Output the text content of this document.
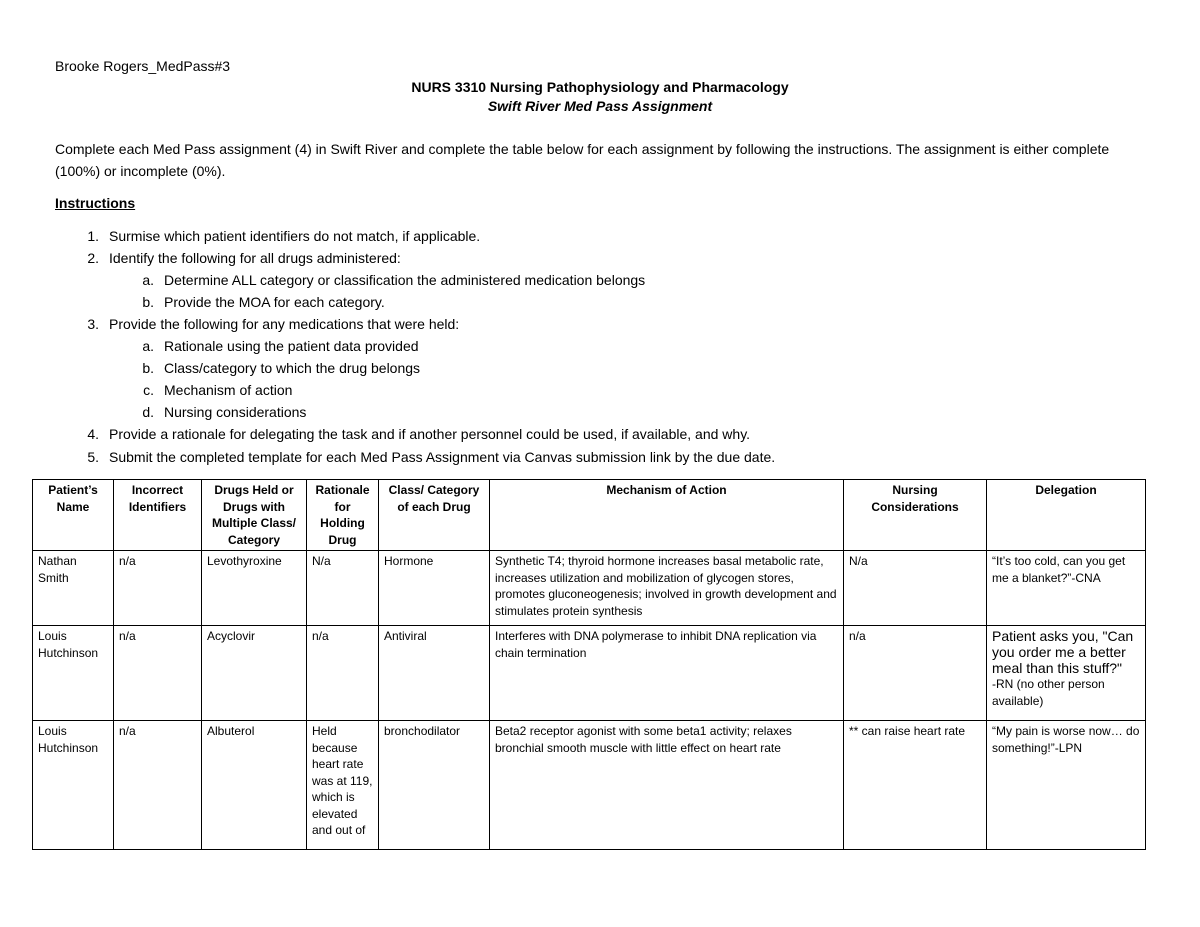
Brooke Rogers_MedPass#3
NURS 3310 Nursing Pathophysiology and Pharmacology
Swift River Med Pass Assignment
Complete each Med Pass assignment (4) in Swift River and complete the table below for each assignment by following the instructions. The assignment is either complete (100%) or incomplete (0%).
Instructions
1. Surmise which patient identifiers do not match, if applicable.
2. Identify the following for all drugs administered:
a. Determine ALL category or classification the administered medication belongs
b. Provide the MOA for each category.
3. Provide the following for any medications that were held:
a. Rationale using the patient data provided
b. Class/category to which the drug belongs
c. Mechanism of action
d. Nursing considerations
4. Provide a rationale for delegating the task and if another personnel could be used, if available, and why.
5. Submit the completed template for each Med Pass Assignment via Canvas submission link by the due date.
Patient’s Name	Incorrect Identifiers	Drugs Held or Drugs with Multiple Class/ Category	Rationale for Holding Drug	Class/ Category of each Drug	Mechanism of Action	Nursing Considerations	Delegation
Nathan Smith	n/a	Levothyroxine	N/a	Hormone	Synthetic T4; thyroid hormone increases basal metabolic rate, increases utilization and mobilization of glycogen stores, promotes gluconeogenesis; involved in growth development and stimulates protein synthesis	N/a	“It’s too cold, can you get me a blanket?”-CNA
Louis Hutchinson	n/a	Acyclovir	n/a	Antiviral	Interferes with DNA polymerase to inhibit DNA replication via chain termination	n/a	Patient asks you, "Can you order me a better meal than this stuff?"
-RN (no other person available)

Louis Hutchinson	n/a	Albuterol	Held because heart rate was at 119, which is elevated and out of	bronchodilator	Beta2 receptor agonist with some beta1 activity; relaxes bronchial smooth muscle with little effect on heart rate	** can raise heart rate	“My pain is worse now… do something!”-LPN
